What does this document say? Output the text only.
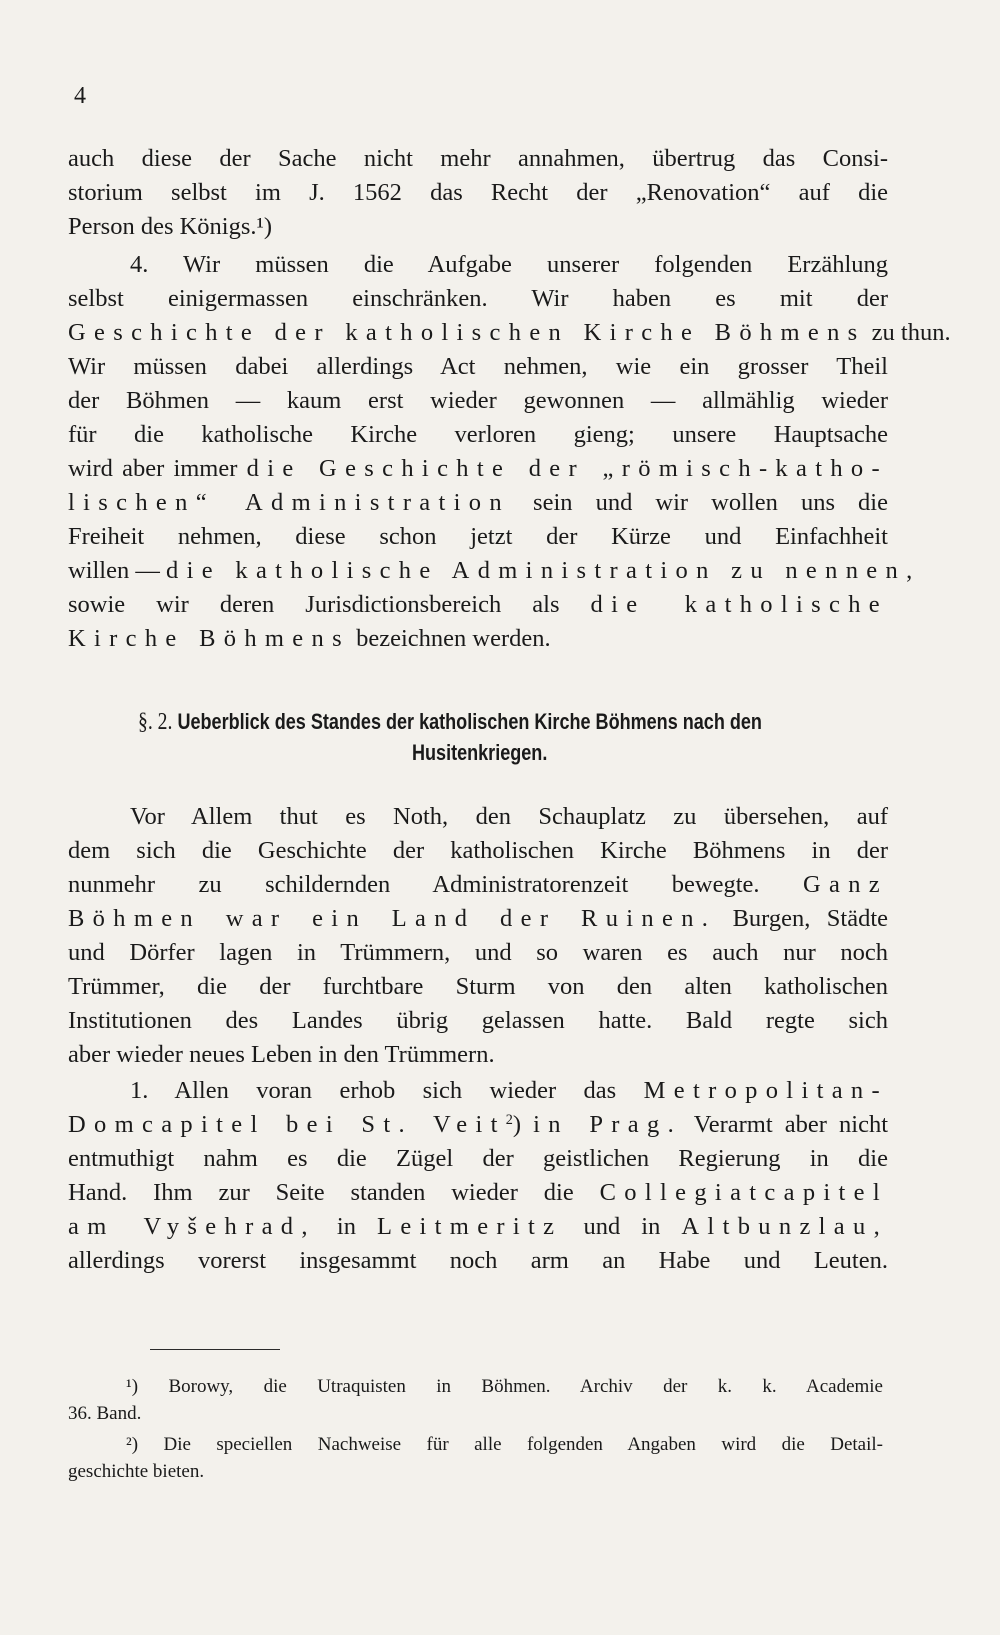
4
auch diese der Sache nicht mehr annahmen, übertrug das Consi-
storium selbst im J. 1562 das Recht der „Renovation“ auf die
Person des Königs.¹)
4. Wir müssen die Aufgabe unserer folgenden Erzählung
selbst einigermassen einschränken. Wir haben es mit der
Geschichte der katholischen Kirche Böhmens zu thun.
Wir müssen dabei allerdings Act nehmen, wie ein grosser Theil
der Böhmen — kaum erst wieder gewonnen — allmählig wieder
für die katholische Kirche verloren gieng; unsere Hauptsache
wird aber immer die Geschichte der „römisch-katho-
lischen“ Administration sein und wir wollen uns die
Freiheit nehmen, diese schon jetzt der Kürze und Einfachheit
willen — die katholische Administration zu nennen,
sowie wir deren Jurisdictionsbereich als die katholische
Kirche Böhmens bezeichnen werden.
§. 2. Ueberblick des Standes der katholischen Kirche Böhmens nach den
Husitenkriegen.
Vor Allem thut es Noth, den Schauplatz zu übersehen, auf
dem sich die Geschichte der katholischen Kirche Böhmens in der
nunmehr zu schildernden Administratorenzeit bewegte. Ganz
Böhmen war ein Land der Ruinen. Burgen, Städte
und Dörfer lagen in Trümmern, und so waren es auch nur noch
Trümmer, die der furchtbare Sturm von den alten katholischen
Institutionen des Landes übrig gelassen hatte. Bald regte sich
aber wieder neues Leben in den Trümmern.
1. Allen voran erhob sich wieder das Metropolitan-
Domcapitel bei St. Veit$^2$) in Prag. Verarmt aber nicht
entmuthigt nahm es die Zügel der geistlichen Regierung in die
Hand. Ihm zur Seite standen wieder die Collegiatcapitel
am Vyšehrad, in Leitmeritz und in Altbunzlau,
allerdings vorerst insgesammt noch arm an Habe und Leuten.
¹) Borowy, die Utraquisten in Böhmen. Archiv der k. k. Academie
36. Band.
²) Die speciellen Nachweise für alle folgenden Angaben wird die Detail-
geschichte bieten.
